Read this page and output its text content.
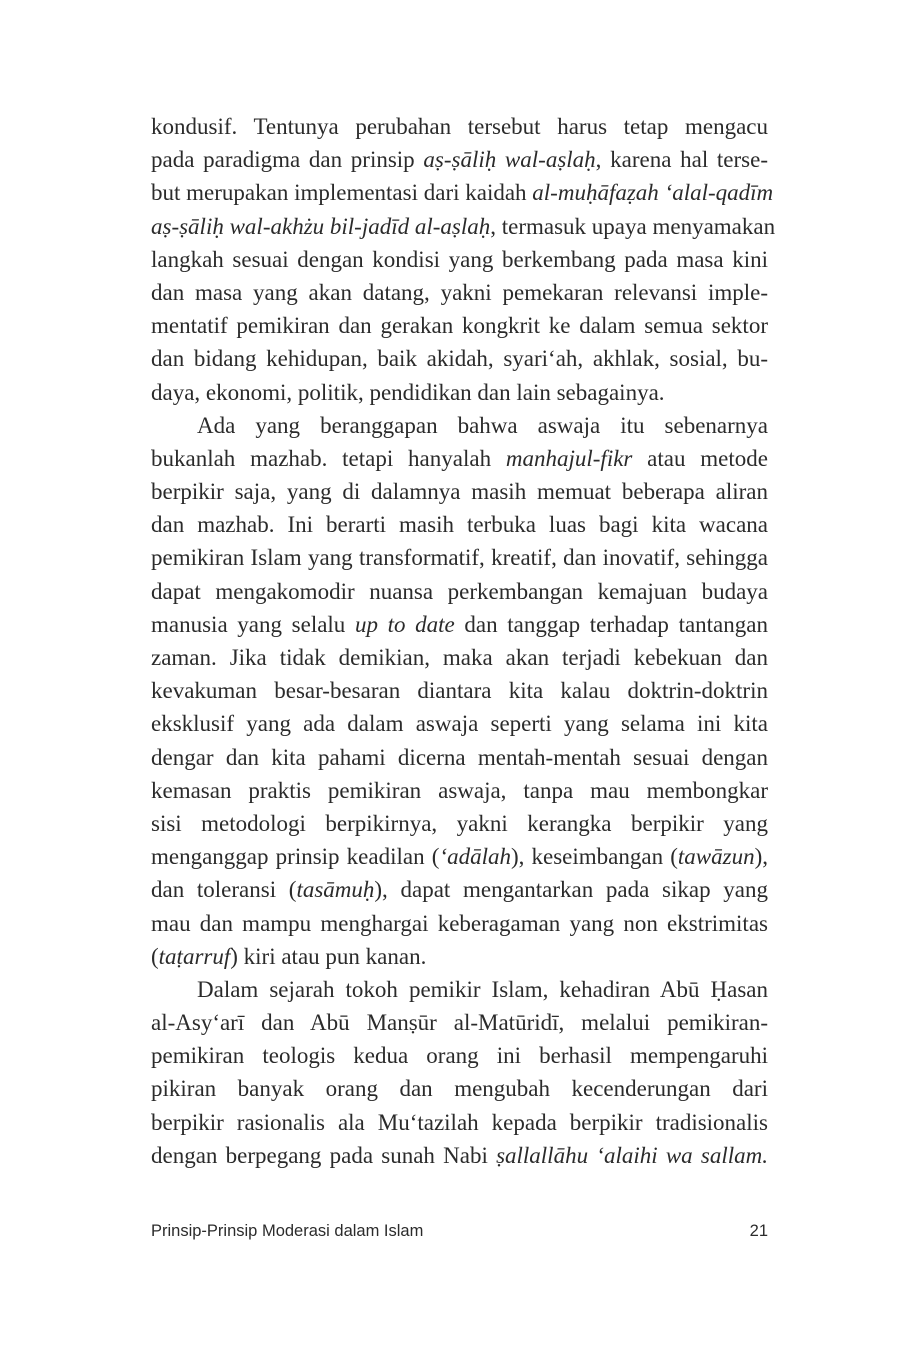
kondusif. Tentunya perubahan tersebut harus tetap mengacu
pada paradigma dan prinsip aṣ-ṣāliḥ wal-aṣlaḥ, karena hal terse-
but merupakan implementasi dari kaidah al-muḥāfaẓah ‘alal-qadīm
aṣ-ṣāliḥ wal-akhżu bil-jadīd al-aṣlaḥ, termasuk upaya menyamakan
langkah sesuai dengan kondisi yang berkembang pada masa kini
dan masa yang akan datang, yakni pemekaran relevansi imple-
mentatif pemikiran dan gerakan kongkrit ke dalam semua sektor
dan bidang kehidupan, baik akidah, syari‘ah, akhlak, sosial, bu-
daya, ekonomi, politik, pendidikan dan lain sebagainya.
Ada yang beranggapan bahwa aswaja itu sebenarnya
bukanlah mazhab. tetapi hanyalah manhajul-fikr atau metode
berpikir saja, yang di dalamnya masih memuat beberapa aliran
dan mazhab. Ini berarti masih terbuka luas bagi kita wacana
pemikiran Islam yang transformatif, kreatif, dan inovatif, sehingga
dapat mengakomodir nuansa perkembangan kemajuan budaya
manusia yang selalu up to date dan tanggap terhadap tantangan
zaman. Jika tidak demikian, maka akan terjadi kebekuan dan
kevakuman besar-besaran diantara kita kalau doktrin-doktrin
eksklusif yang ada dalam aswaja seperti yang selama ini kita
dengar dan kita pahami dicerna mentah-mentah sesuai dengan
kemasan praktis pemikiran aswaja, tanpa mau membongkar
sisi metodologi berpikirnya, yakni kerangka berpikir yang
menganggap prinsip keadilan (‘adālah), keseimbangan (tawāzun),
dan toleransi (tasāmuḥ), dapat mengantarkan pada sikap yang
mau dan mampu menghargai keberagaman yang non ekstrimitas
(taṭarruf) kiri atau pun kanan.
Dalam sejarah tokoh pemikir Islam, kehadiran Abū Ḥasan
al-Asy‘arī dan Abū Manṣūr al-Matūridī, melalui pemikiran-
pemikiran teologis kedua orang ini berhasil mempengaruhi
pikiran banyak orang dan mengubah kecenderungan dari
berpikir rasionalis ala Mu‘tazilah kepada berpikir tradisionalis
dengan berpegang pada sunah Nabi ṣallallāhu ‘alaihi wa sallam.
Prinsip-Prinsip Moderasi dalam Islam	21
